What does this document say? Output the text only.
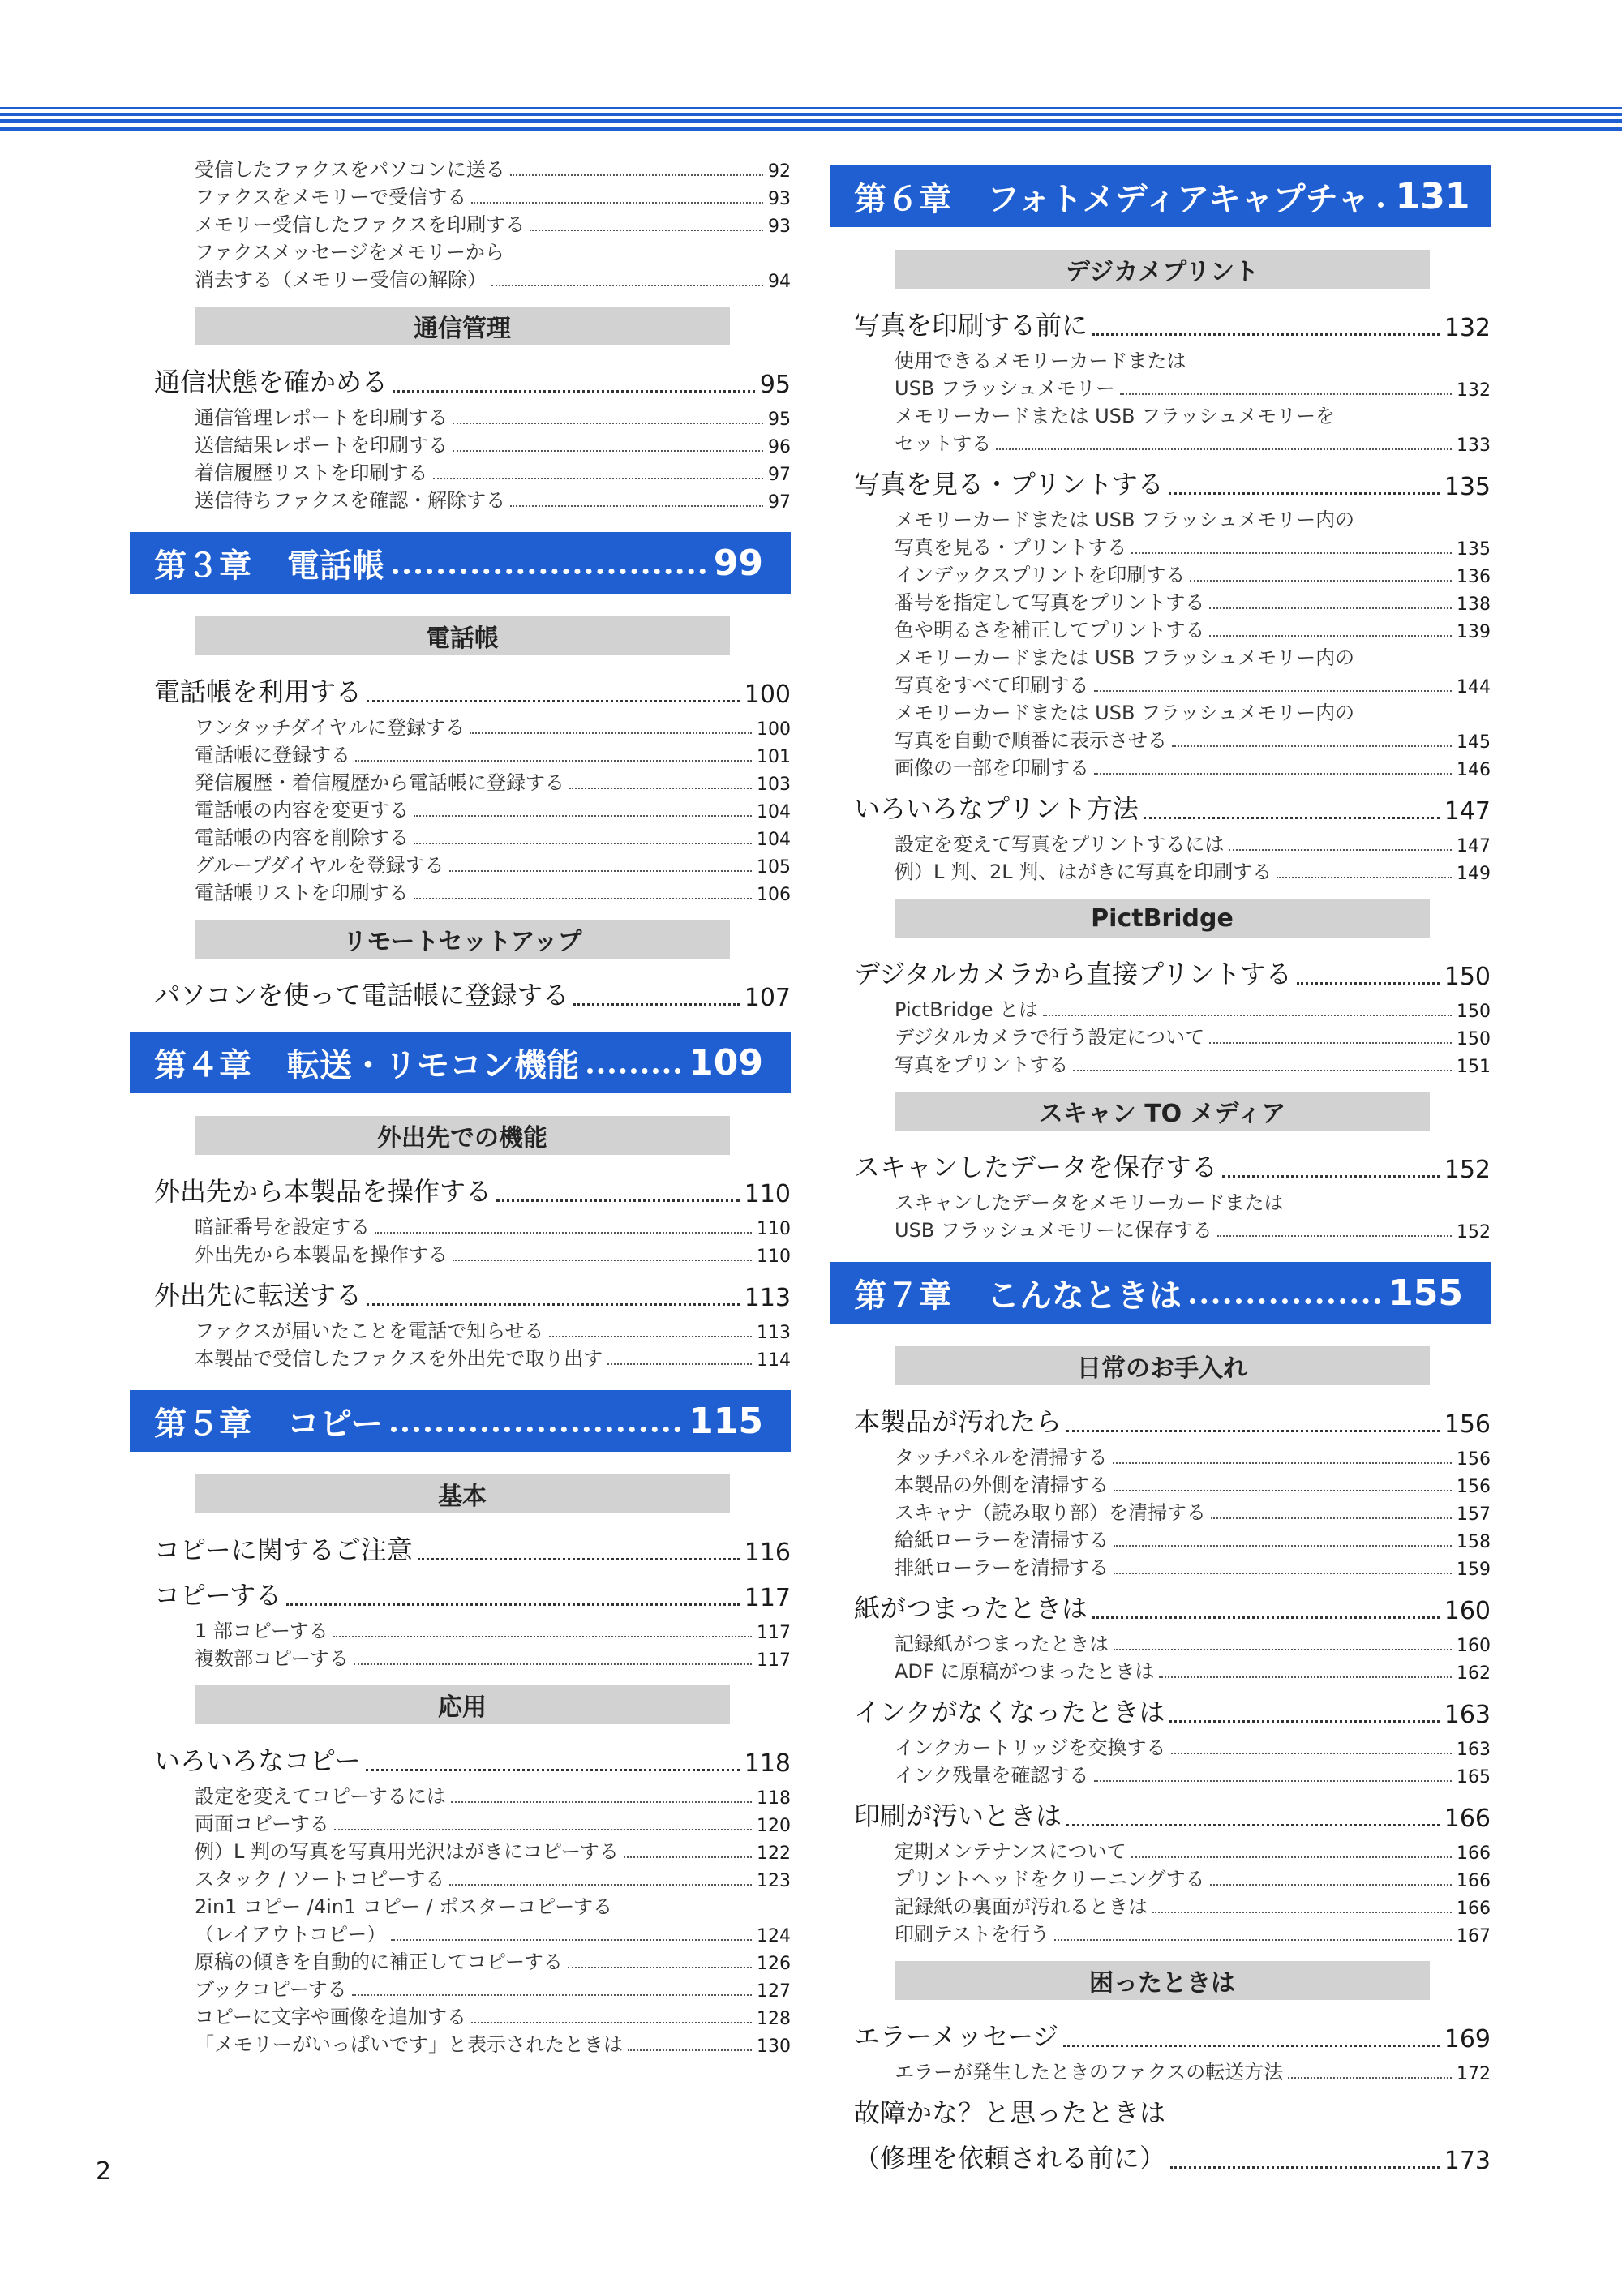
受信したファクスをパソコンに送る	92
ファクスをメモリーで受信する	93
メモリー受信したファクスを印刷する	93
ファクスメッセージをメモリーから
消去する（メモリー受信の解除）	94
通信管理
通信状態を確かめる	95
通信管理レポートを印刷する	95
送信結果レポートを印刷する	96
着信履歴リストを印刷する	97
送信待ちファクスを確認・解除する	97
第３章 電話帳	99
電話帳
電話帳を利用する	100
ワンタッチダイヤルに登録する	100
電話帳に登録する	101
発信履歴・着信履歴から電話帳に登録する	103
電話帳の内容を変更する	104
電話帳の内容を削除する	104
グループダイヤルを登録する	105
電話帳リストを印刷する	106
リモートセットアップ
パソコンを使って電話帳に登録する	107
第４章 転送・リモコン機能	109
外出先での機能
外出先から本製品を操作する	110
暗証番号を設定する	110
外出先から本製品を操作する	110
外出先に転送する	113
ファクスが届いたことを電話で知らせる	113
本製品で受信したファクスを外出先で取り出す	114
第５章 コピー	115
基本
コピーに関するご注意	116
コピーする	117
1 部コピーする	117
複数部コピーする	117
応用
いろいろなコピー	118
設定を変えてコピーするには	118
両面コピーする	120
例）L 判の写真を写真用光沢はがきにコピーする	122
スタック / ソートコピーする	123
2in1 コピー /4in1 コピー / ポスターコピーする
（レイアウトコピー）	124
原稿の傾きを自動的に補正してコピーする	126
ブックコピーする	127
コピーに文字や画像を追加する	128
「メモリーがいっぱいです」と表示されたときは	130
第６章 フォトメディアキャプチャ 131
デジカメプリント
写真を印刷する前に	132
使用できるメモリーカードまたは
USB フラッシュメモリー	132
メモリーカードまたは USB フラッシュメモリーを
セットする	133
写真を見る・プリントする	135
メモリーカードまたは USB フラッシュメモリー内の
写真を見る・プリントする	135
インデックスプリントを印刷する	136
番号を指定して写真をプリントする	138
色や明るさを補正してプリントする	139
メモリーカードまたは USB フラッシュメモリー内の
写真をすべて印刷する	144
メモリーカードまたは USB フラッシュメモリー内の
写真を自動で順番に表示させる	145
画像の一部を印刷する	146
いろいろなプリント方法	147
設定を変えて写真をプリントするには	147
例）L 判、2L 判、はがきに写真を印刷する	149
PictBridge
デジタルカメラから直接プリントする	150
PictBridge とは	150
デジタルカメラで行う設定について	150
写真をプリントする	151
スキャン TO メディア
スキャンしたデータを保存する	152
スキャンしたデータをメモリーカードまたは
USB フラッシュメモリーに保存する	152
第７章 こんなときは	155
日常のお手入れ
本製品が汚れたら	156
タッチパネルを清掃する	156
本製品の外側を清掃する	156
スキャナ（読み取り部）を清掃する	157
給紙ローラーを清掃する	158
排紙ローラーを清掃する	159
紙がつまったときは	160
記録紙がつまったときは	160
ADF に原稿がつまったときは	162
インクがなくなったときは	163
インクカートリッジを交換する	163
インク残量を確認する	165
印刷が汚いときは	166
定期メンテナンスについて	166
プリントヘッドをクリーニングする	166
記録紙の裏面が汚れるときは	166
印刷テストを行う	167
困ったときは
エラーメッセージ	169
エラーが発生したときのファクスの転送方法	172
故障かな？と思ったときは
（修理を依頼される前に）	173
2
